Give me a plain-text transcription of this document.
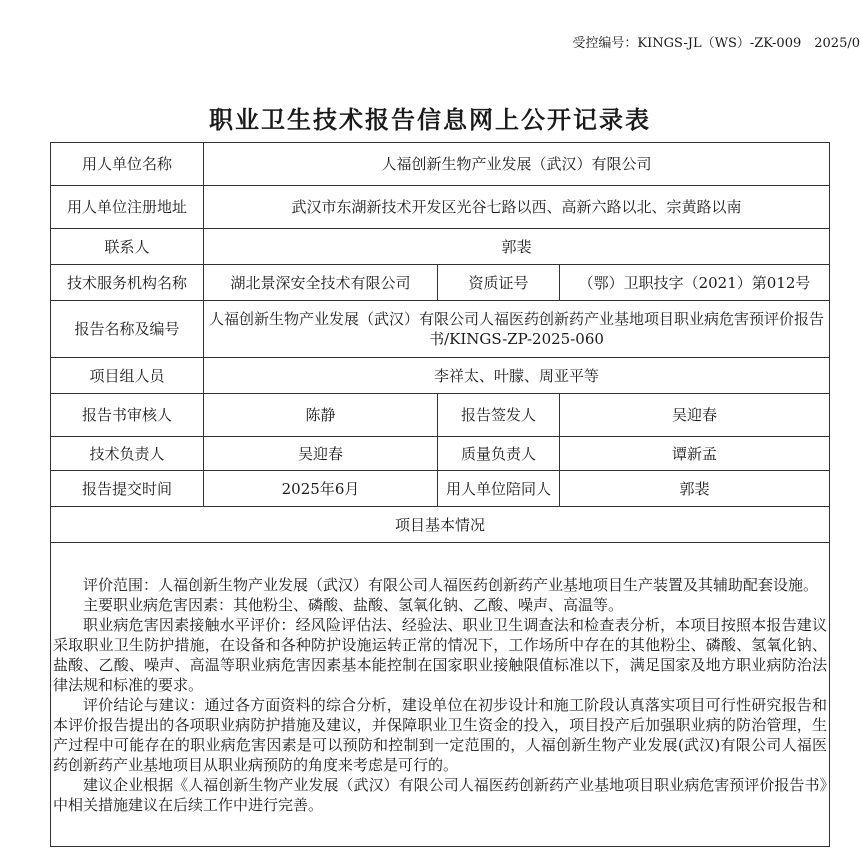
受控编号：KINGS-JL（WS）-ZK-009　2025/0
职业卫生技术报告信息网上公开记录表
用人单位名称	人福创新生物产业发展（武汉）有限公司		
用人单位注册地址	武汉市东湖新技术开发区光谷七路以西、高新六路以北、宗黄路以南		
联系人	郭裴		
技术服务机构名称	湖北景深安全技术有限公司	资质证号	（鄂）卫职技字（2021）第012号
报告名称及编号	人福创新生物产业发展（武汉）有限公司人福医药创新药产业基地项目职业病危害预评价报告书/KINGS-ZP-2025-060		
项目组人员	李祥太、叶朦、周亚平等		
报告书审核人	陈静	报告签发人	吴迎春
技术负责人	吴迎春	质量负责人	谭新孟
报告提交时间	2025年6月	用人单位陪同人	郭裴
项目基本情况			

评价范围：人福创新生物产业发展（武汉）有限公司人福医药创新药产业基地项目生产装置及其辅助配套设施。

主要职业病危害因素：其他粉尘、磷酸、盐酸、氢氧化钠、乙酸、噪声、高温等。

职业病危害因素接触水平评价：经风险评估法、经验法、职业卫生调查法和检查表分析，本项目按照本报告建议采取职业卫生防护措施，在设备和各种防护设施运转正常的情况下，工作场所中存在的其他粉尘、磷酸、氢氧化钠、盐酸、乙酸、噪声、高温等职业病危害因素基本能控制在国家职业接触限值标准以下，满足国家及地方职业病防治法律法规和标准的要求。

评价结论与建议：通过各方面资料的综合分析，建设单位在初步设计和施工阶段认真落实项目可行性研究报告和本评价报告提出的各项职业病防护措施及建议，并保障职业卫生资金的投入，项目投产后加强职业病的防治管理，生产过程中可能存在的职业病危害因素是可以预防和控制到一定范围的，人福创新生物产业发展(武汉)有限公司人福医药创新药产业基地项目从职业病预防的角度来考虑是可行的。

建议企业根据《人福创新生物产业发展（武汉）有限公司人福医药创新药产业基地项目职业病危害预评价报告书》中相关措施建议在后续工作中进行完善。			
